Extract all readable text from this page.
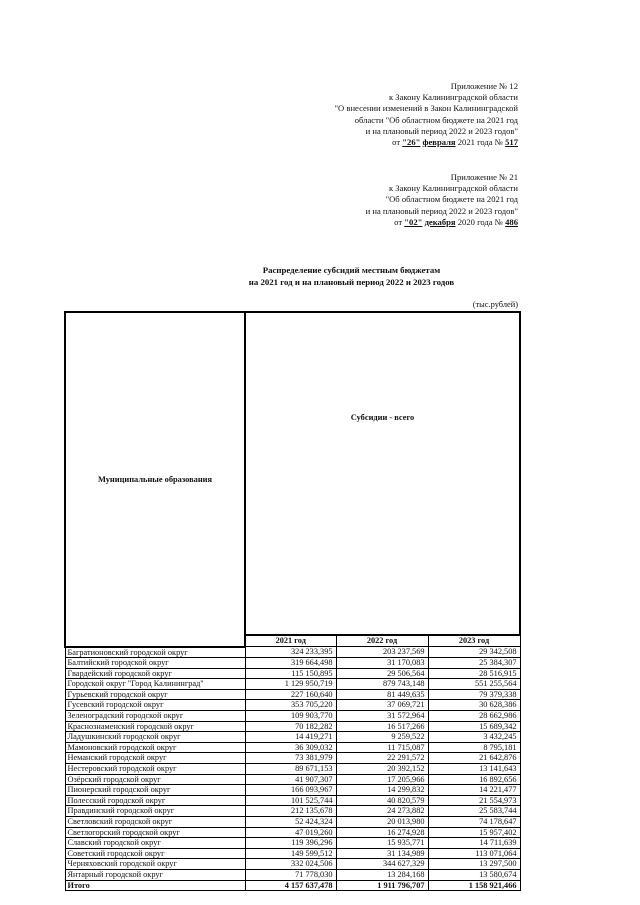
Приложение № 12
к Закону Калининградской области
"О внесении изменений в Закон Калининградской
области "Об областном бюджете на 2021 год
и на плановый период 2022 и 2023 годов"
от "26" февраля 2021 года № 517
Приложение № 21
к Закону Калининградской области
"Об областном бюджете на 2021 год
и на плановый период 2022 и 2023 годов"
от "02" декабря 2020 года № 486
Распределение субсидий местным бюджетам
на 2021 год и на плановый период 2022 и 2023 годов
(тыс.рублей)
Муниципальные образования	Субсидии - всего		
	2021 год	2022 год	2023 год
Багратионовский городской округ	324 233,395	203 237,569	29 342,508
Балтийский городской округ	319 664,498	31 170,083	25 384,307
Гвардейский городской округ	115 150,895	29 506,564	28 516,915
Городской округ "Город Калининград"	1 129 950,719	879 743,148	551 255,564
Гурьевский городской округ	227 160,640	81 449,635	79 379,338
Гусевский городской округ	353 705,220	37 069,721	30 628,386
Зеленоградский городской округ	109 903,770	31 572,964	28 662,986
Краснознаменский городской округ	70 182,282	16 517,266	15 689,342
Ладушкинский городской округ	14 419,271	9 259,522	3 432,245
Мамоновский городской округ	36 309,032	11 715,087	8 795,181
Неманский городской округ	73 381,979	22 291,572	21 642,876
Нестеровский городской округ	89 671,153	20 392,152	13 141,643
Озёрский городской округ	41 907,307	17 205,966	16 892,656
Пионерский городской округ	166 093,967	14 299,832	14 221,477
Полесский городской округ	101 525,744	40 820,579	21 554,973
Правдинский городской округ	212 135,678	24 273,882	25 583,744
Светловский городской округ	52 424,324	20 013,980	74 178,647
Светлогорский городской округ	47 019,260	16 274,928	15 957,402
Славский городской округ	119 396,296	15 935,771	14 711,639
Советский городской округ	149 599,512	31 134,989	113 071,064
Черняховский городской округ	332 024,506	344 627,329	13 297,500
Янтарный городской округ	71 778,030	13 284,168	13 580,674
Итого	4 157 637,478	1 911 796,707	1 158 921,466
‚
